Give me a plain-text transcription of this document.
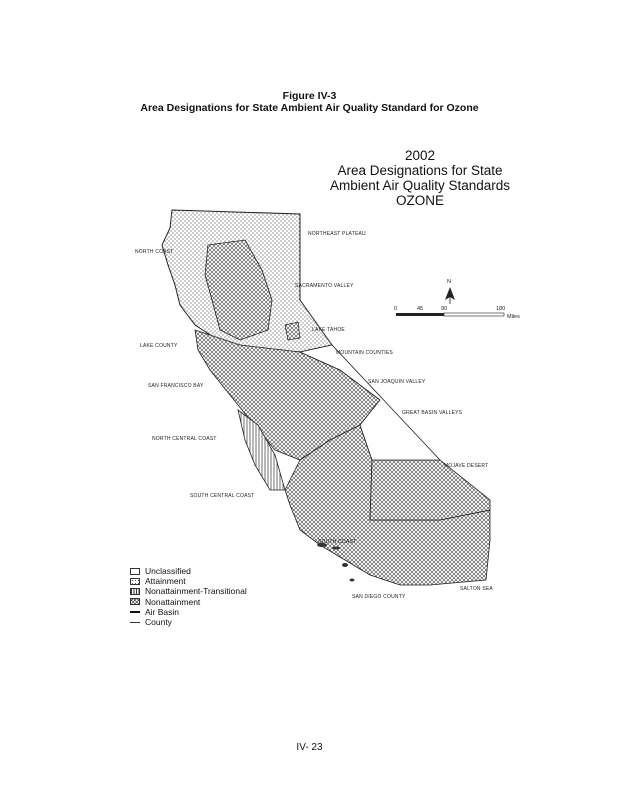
Figure IV-3
Area Designations for State Ambient Air Quality Standard for Ozone
2002
Area Designations for State
Ambient Air Quality Standards
OZONE
NORTHEAST PLATEAU
NORTH COAST
SACRAMENTO VALLEY
LAKE TAHOE
LAKE COUNTY
MOUNTAIN COUNTIES
SAN FRANCISCO BAY
SAN JOAQUIN VALLEY
GREAT BASIN VALLEYS
NORTH CENTRAL COAST
MOJAVE DESERT
SOUTH CENTRAL COAST
SOUTH COAST
SALTON SEA
SAN DIEGO COUNTY
N
0	45	90	180
Miles
Unclassified
Attainment
Nonattainment-Transitional
Nonattainment
Air Basin
County
IV- 23
